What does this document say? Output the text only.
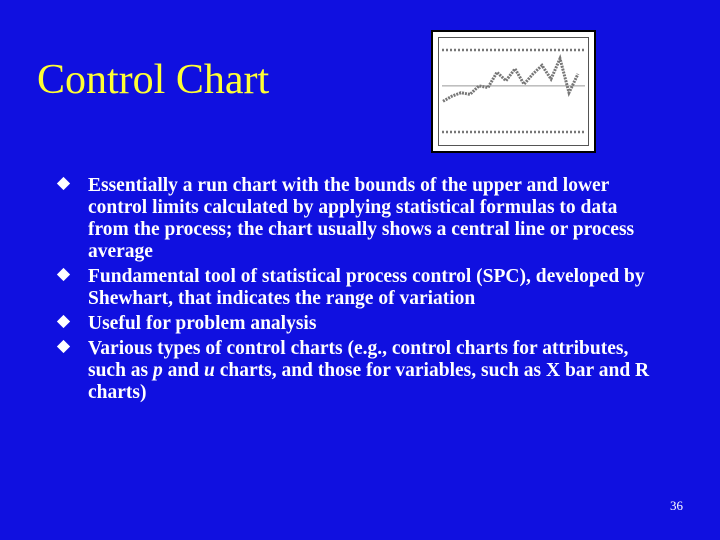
Control Chart
Essentially a run chart with the bounds of the upper and lower control limits calculated by applying statistical formulas to data from the process; the chart usually shows a central line or process average
Fundamental tool of statistical process control (SPC), developed by Shewhart, that indicates the range of variation
Useful for problem analysis
Various types of control charts (e.g., control charts for attributes, such as p and u charts, and those for variables, such as X bar and R charts)
36
